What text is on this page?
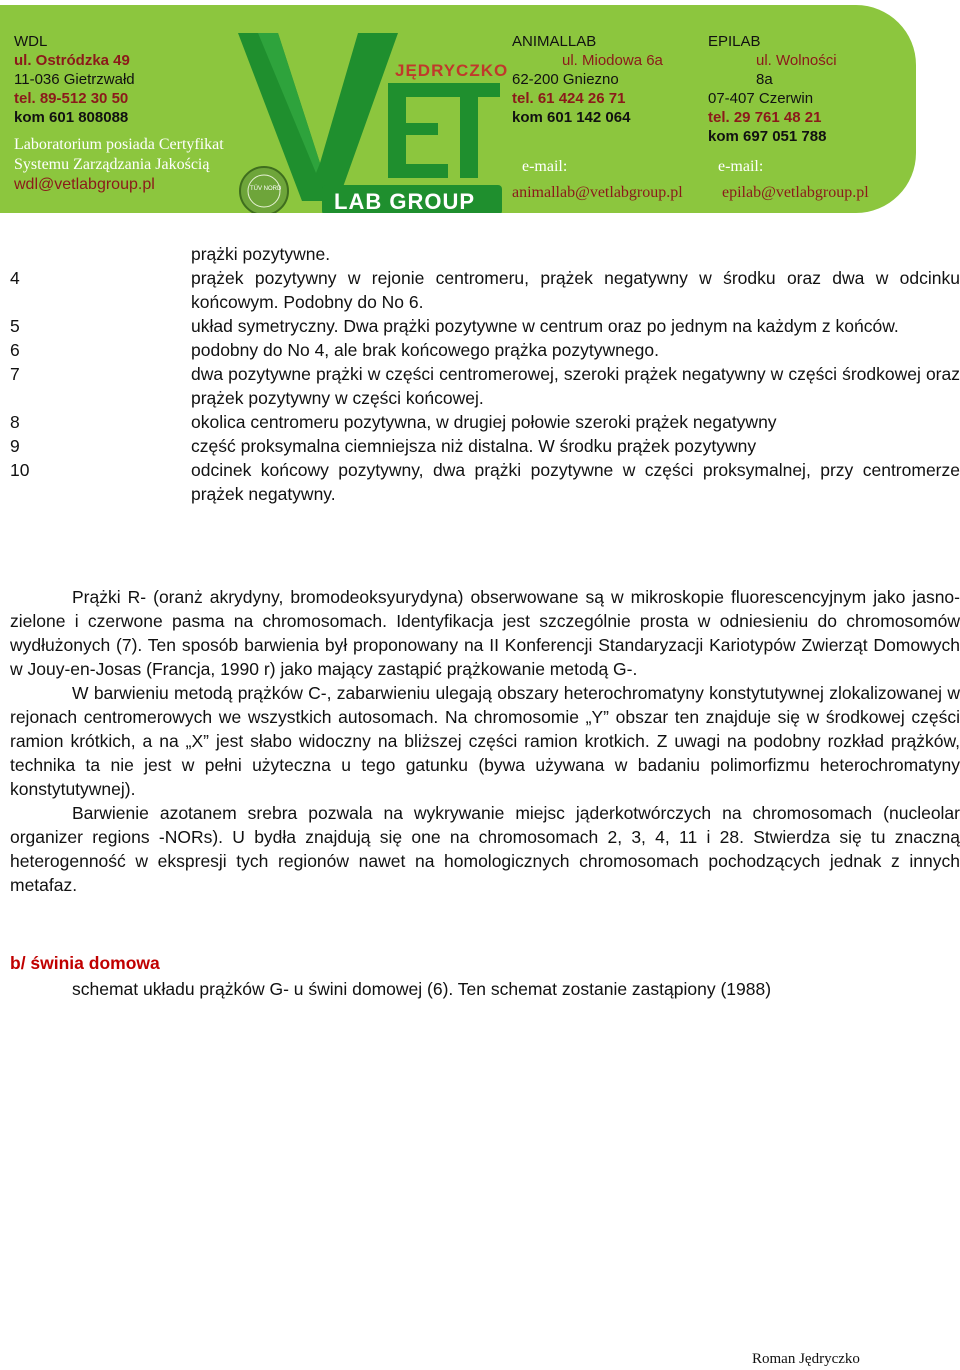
WDL
ul. Ostródzka 49
11-036 Gietrzwałd
tel. 89-512 30 50
kom 601 808088
Laboratorium posiada Certyfikat
Systemu Zarządzania Jakością
wdl@vetlabgroup.pl
JĘDRYCZKO
LAB GROUP
TÜV NORD
ANIMALLAB
ul. Miodowa 6a
62-200 Gniezno
tel. 61 424 26 71
kom 601 142 064
e-mail:
animallab@vetlabgroup.pl
EPILAB
ul. Wolności
8a
07-407 Czerwin
tel. 29 761 48 21
kom 697 051 788
e-mail:
epilab@vetlabgroup.pl
prążki pozytywne.
4	prążek pozytywny w rejonie centromeru, prążek negatywny w środku oraz dwa w odcinku końcowym. Podobny do No 6.
5	układ symetryczny. Dwa prążki pozytywne w centrum oraz po jednym na każdym z końców.
6	podobny do No 4, ale brak końcowego prążka pozytywnego.
7	dwa pozytywne prążki w części centromerowej, szeroki prążek negatywny w części środkowej oraz prążek pozytywny w części końcowej.
8	okolica centromeru pozytywna, w drugiej połowie szeroki prążek negatywny
9	część proksymalna ciemniejsza niż distalna. W środku prążek pozytywny
10	odcinek końcowy pozytywny, dwa prążki pozytywne w części proksymalnej, przy centromerze prążek negatywny.

Prążki R- (oranż akrydyny, bromodeoksyurydyna) obserwowane są w mikroskopie fluorescencyjnym jako jasno-zielone i czerwone pasma na chromosomach. Identyfikacja jest szczególnie prosta w odniesieniu do chromosomów wydłużonych (7). Ten sposób barwienia był proponowany na II Konferencji Standaryzacji Kariotypów Zwierząt Domowych w Jouy-en-Josas (Francja, 1990 r) jako mający zastąpić prążkowanie metodą G-.

W barwieniu metodą prążków C-, zabarwieniu ulegają obszary heterochromatyny konstytutywnej zlokalizowanej w rejonach centromerowych we wszystkich autosomach. Na chromosomie „Y” obszar ten znajduje się w środkowej części ramion krótkich, a na „X” jest słabo widoczny na bliższej części ramion krotkich. Z uwagi na podobny rozkład prążków, technika ta nie jest w pełni użyteczna u tego gatunku (bywa używana w badaniu polimorfizmu heterochromatyny konstytutywnej).

Barwienie azotanem srebra pozwala na wykrywanie miejsc jąderkotwórczych na chromosomach (nucleolar organizer regions -NORs). U bydła znajdują się one na chromosomach 2, 3, 4, 11 i 28. Stwierdza się tu znaczną heterogenność w ekspresji tych regionów nawet na homologicznych chromosomach pochodzących jednak z innych metafaz.

b/ świnia domowa
schemat układu prążków G- u świni domowej (6). Ten schemat zostanie zastąpiony (1988)
Roman Jędryczko
